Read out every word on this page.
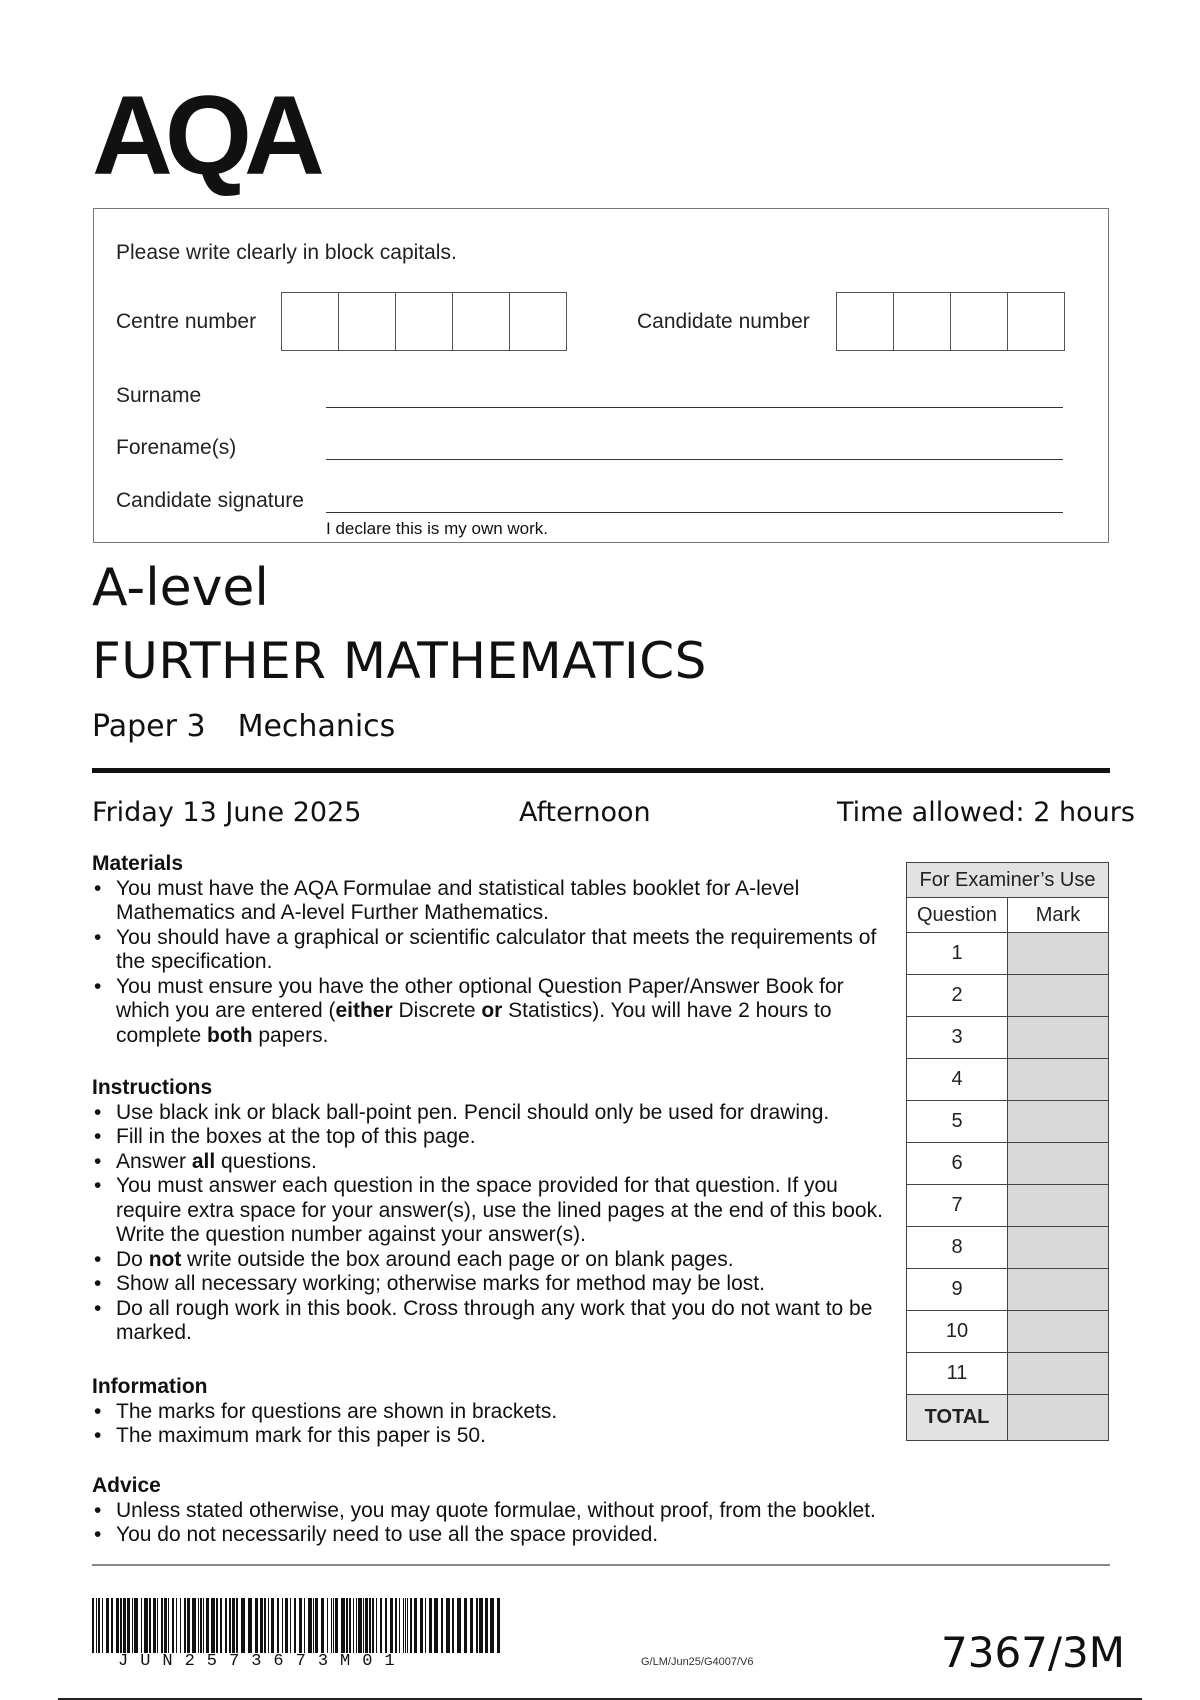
AQA
Please write clearly in block capitals.
Centre number	Candidate number
Surname
Forename(s)
Candidate signature
I declare this is my own work.
A-level
FURTHER MATHEMATICS
Paper 3 Mechanics
Friday 13 June 2025	Afternoon	Time allowed: 2 hours
Materials
• You must have the AQA Formulae and statistical tables booklet for A-level Mathematics and A-level Further Mathematics.
• You should have a graphical or scientific calculator that meets the requirements of the specification.
• You must ensure you have the other optional Question Paper/Answer Book for which you are entered (either Discrete or Statistics). You will have 2 hours to complete both papers.
Instructions
• Use black ink or black ball-point pen. Pencil should only be used for drawing.
• Fill in the boxes at the top of this page.
• Answer all questions.
• You must answer each question in the space provided for that question. If you require extra space for your answer(s), use the lined pages at the end of this book. Write the question number against your answer(s).
• Do not write outside the box around each page or on blank pages.
• Show all necessary working; otherwise marks for method may be lost.
• Do all rough work in this book. Cross through any work that you do not want to be marked.
Information
• The marks for questions are shown in brackets.
• The maximum mark for this paper is 50.
Advice
• Unless stated otherwise, you may quote formulae, without proof, from the booklet.
• You do not necessarily need to use all the space provided.
For Examiner’s Use	
Question	Mark
1	
2	
3	
4	
5	
6	
7	
8	
9	
10	
11	
TOTAL	
JUN2573673M01	G/LM/Jun25/G4007/V6	7367/3M
